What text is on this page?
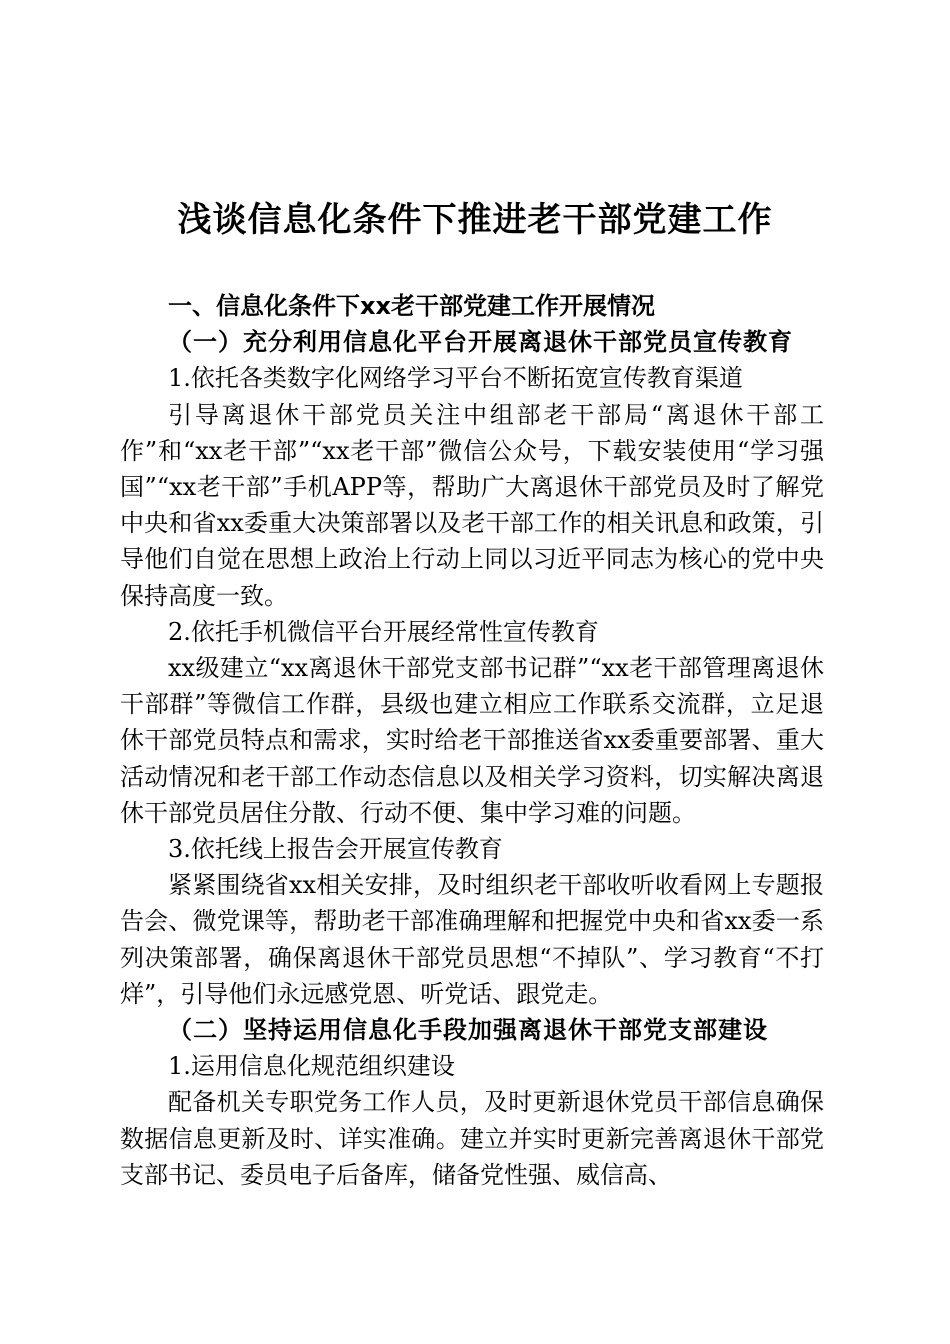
浅谈信息化条件下推进老干部党建工作

一、信息化条件下xx老干部党建工作开展情况

（一）充分利用信息化平台开展离退休干部党员宣传教育

1.依托各类数字化网络学习平台不断拓宽宣传教育渠道

引导离退休干部党员关注中组部老干部局“离退休干部工作”和“xx老干部”“xx老干部”微信公众号，下载安装使用“学习强国”“xx老干部”手机APP等，帮助广大离退休干部党员及时了解党中央和省xx委重大决策部署以及老干部工作的相关讯息和政策，引导他们自觉在思想上政治上行动上同以习近平同志为核心的党中央保持高度一致。

2.依托手机微信平台开展经常性宣传教育

xx级建立“xx离退休干部党支部书记群”“xx老干部管理离退休干部群”等微信工作群，县级也建立相应工作联系交流群，立足退休干部党员特点和需求，实时给老干部推送省xx委重要部署、重大活动情况和老干部工作动态信息以及相关学习资料，切实解决离退休干部党员居住分散、行动不便、集中学习难的问题。

3.依托线上报告会开展宣传教育

紧紧围绕省xx相关安排，及时组织老干部收听收看网上专题报告会、微党课等，帮助老干部准确理解和把握党中央和省xx委一系列决策部署，确保离退休干部党员思想“不掉队”、学习教育“不打烊”，引导他们永远感党恩、听党话、跟党走。

（二）坚持运用信息化手段加强离退休干部党支部建设

1.运用信息化规范组织建设

配备机关专职党务工作人员，及时更新退休党员干部信息确保数据信息更新及时、详实准确。建立并实时更新完善离退休干部党支部书记、委员电子后备库，储备党性强、威信高、
